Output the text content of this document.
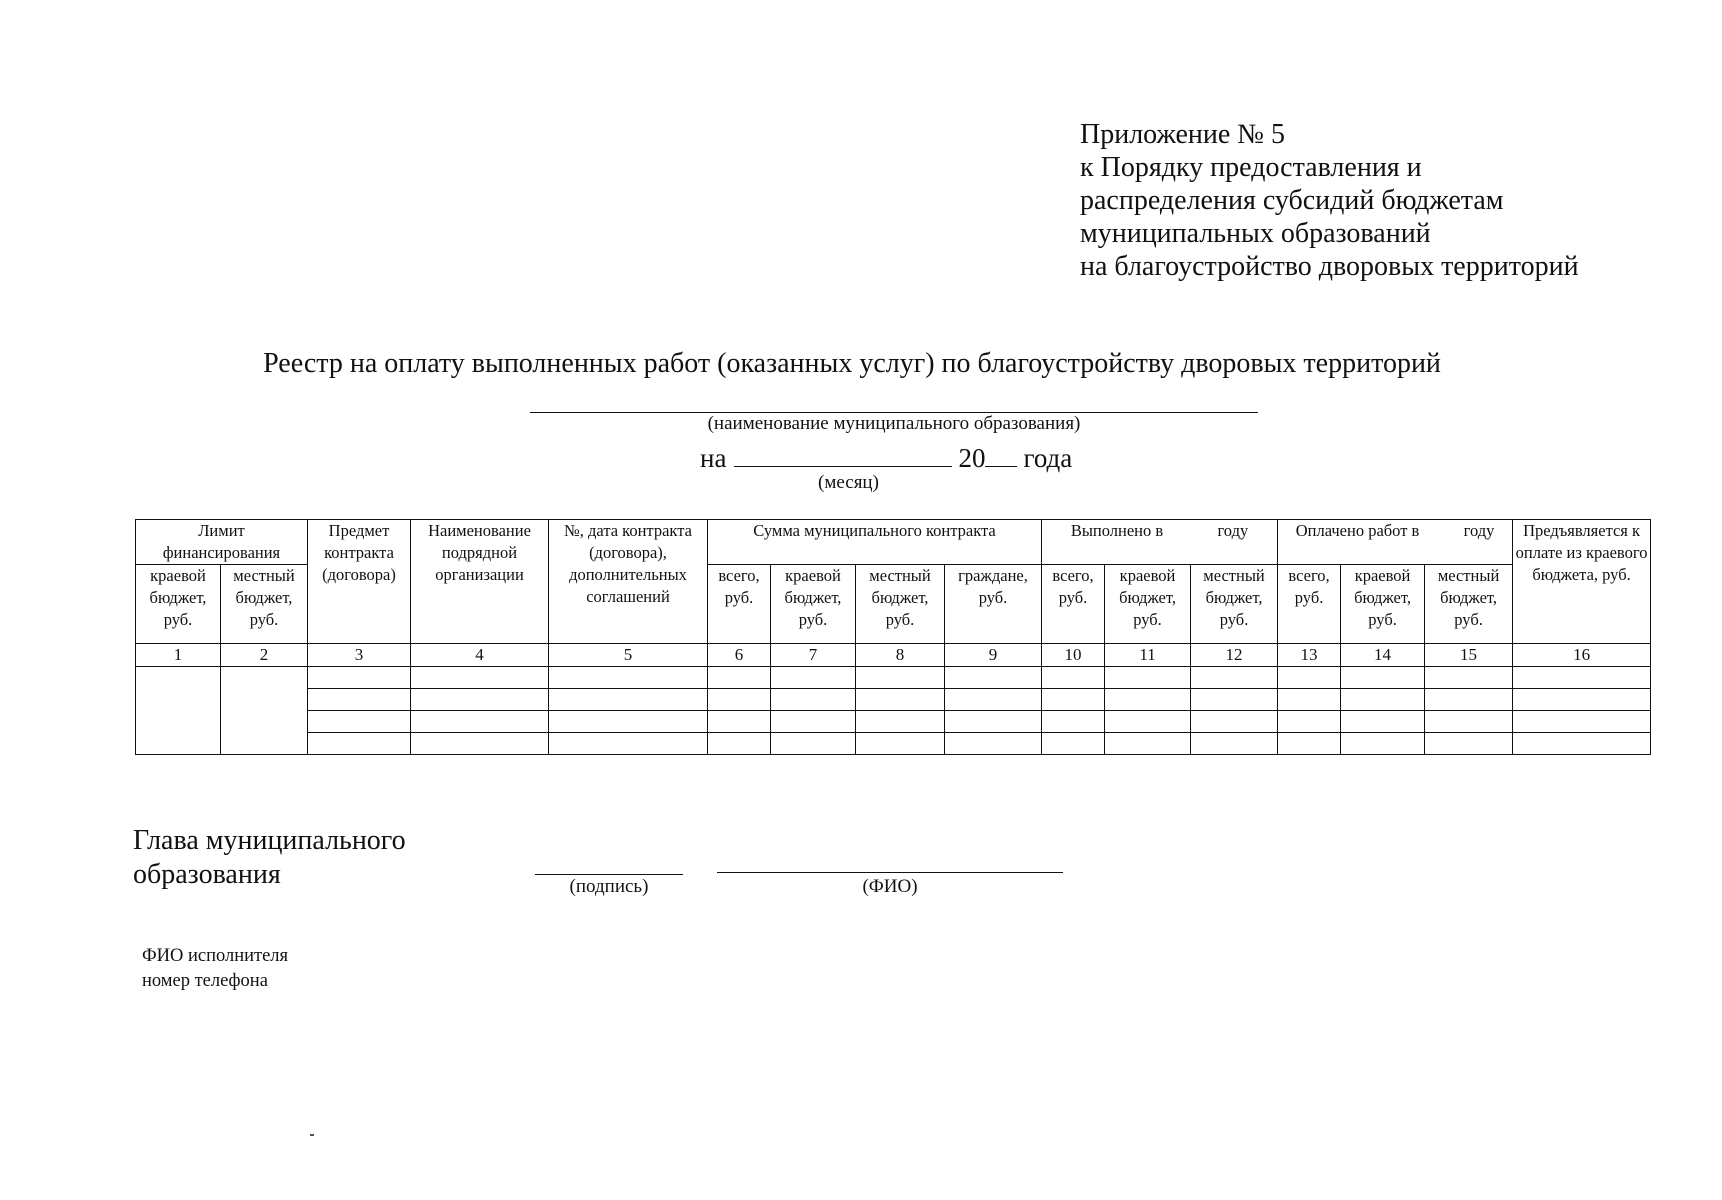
Приложение № 5
к Порядку предоставления и
распределения субсидий бюджетам
муниципальных образований
на благоустройство дворовых территорий
Реестр на оплату выполненных работ (оказанных услуг) по благоустройству дворовых территорий
(наименование муниципального образования)
на	20 года
(месяц)
Лимит финансирования		Предмет контракта (договора)	Наименование подрядной организации	№, дата контракта (договора), дополнительных соглашений	Сумма муниципального контракта				Выполнено в году			Оплачено работ в году			Предъявляется к оплате из краевого бюджета, руб.
краевой бюджет, руб.	местный бюджет, руб.				всего, руб.	краевой бюджет, руб.	местный бюджет, руб.	граждане, руб.	всего, руб.	краевой бюджет, руб.	местный бюджет, руб.	всего, руб.	краевой бюджет, руб.	местный бюджет, руб.	
1	2	3	4	5	6	7	8	9	10	11	12	13	14	15	16

Глава муниципального
образования	(подпись)	(ФИО)
ФИО исполнителя
номер телефона
